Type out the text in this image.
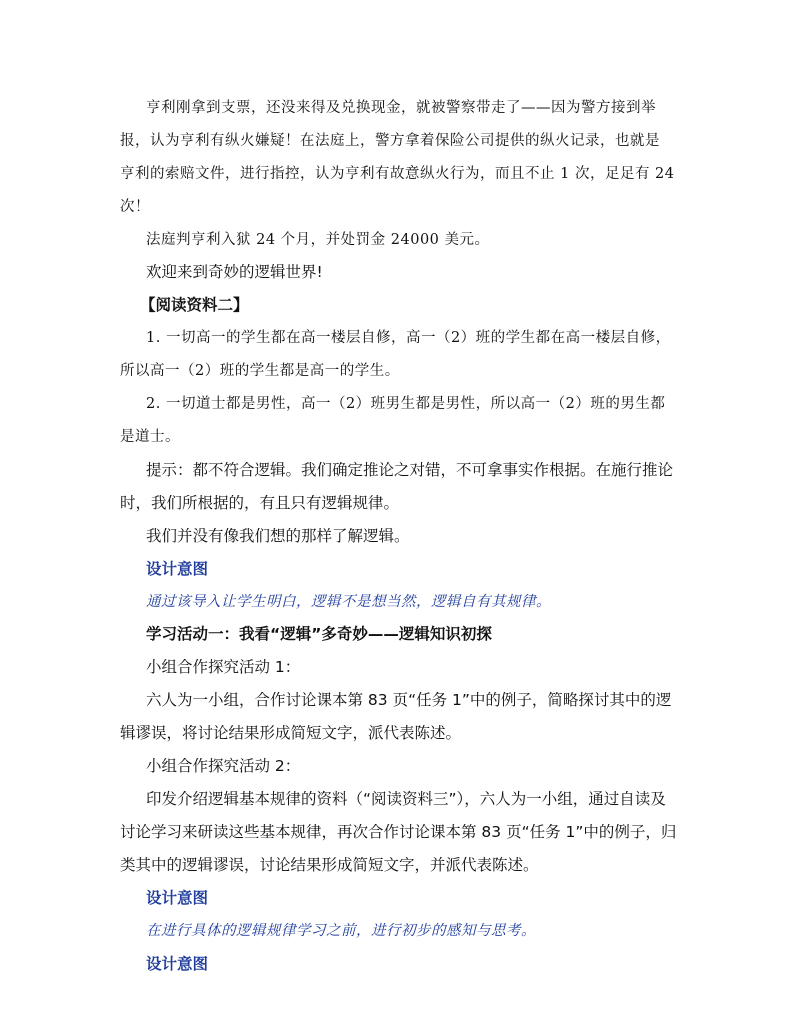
亨利刚拿到支票，还没来得及兑换现金，就被警察带走了——因为警方接到举
报，认为亨利有纵火嫌疑！在法庭上，警方拿着保险公司提供的纵火记录，也就是
亨利的索赔文件，进行指控，认为亨利有故意纵火行为，而且不止 1 次，足足有 24
次！
法庭判亨利入狱 24 个月，并处罚金 24000 美元。
欢迎来到奇妙的逻辑世界!
【阅读资料二】
1. 一切高一的学生都在高一楼层自修，高一（2）班的学生都在高一楼层自修，
所以高一（2）班的学生都是高一的学生。
2. 一切道士都是男性，高一（2）班男生都是男性，所以高一（2）班的男生都
是道士。
提示：都不符合逻辑。我们确定推论之对错，不可拿事实作根据。在施行推论
时，我们所根据的，有且只有逻辑规律。
我们并没有像我们想的那样了解逻辑。
设计意图
通过该导入让学生明白，逻辑不是想当然，逻辑自有其规律。
学习活动一：我看“逻辑”多奇妙——逻辑知识初探
小组合作探究活动 1：
六人为一小组，合作讨论课本第 83 页“任务 1”中的例子，简略探讨其中的逻
辑谬误，将讨论结果形成简短文字，派代表陈述。
小组合作探究活动 2：
印发介绍逻辑基本规律的资料（“阅读资料三”），六人为一小组，通过自读及
讨论学习来研读这些基本规律，再次合作讨论课本第 83 页“任务 1”中的例子，归
类其中的逻辑谬误，讨论结果形成简短文字，并派代表陈述。
设计意图
在进行具体的逻辑规律学习之前，进行初步的感知与思考。
设计意图
